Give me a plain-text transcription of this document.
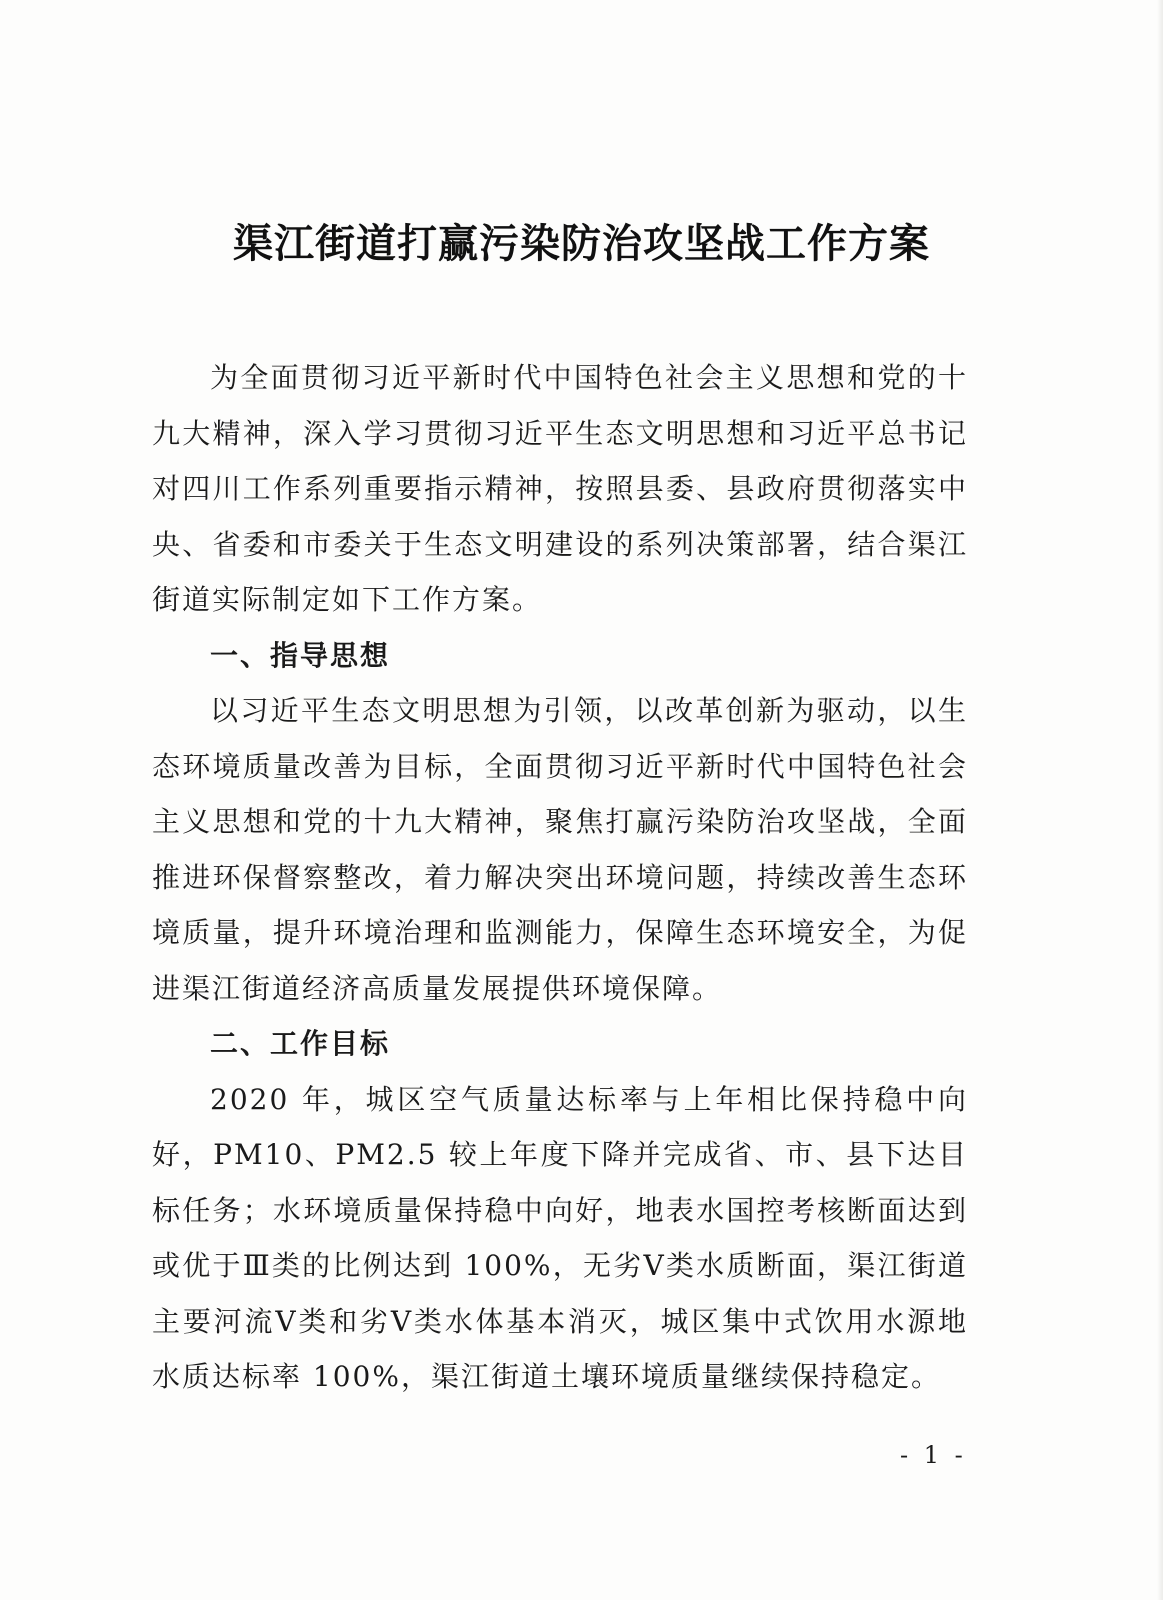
渠江街道打赢污染防治攻坚战工作方案

为全面贯彻习近平新时代中国特色社会主义思想和党的十九大精神，深入学习贯彻习近平生态文明思想和习近平总书记对四川工作系列重要指示精神，按照县委、县政府贯彻落实中央、省委和市委关于生态文明建设的系列决策部署，结合渠江街道实际制定如下工作方案。

一、指导思想

以习近平生态文明思想为引领，以改革创新为驱动，以生态环境质量改善为目标，全面贯彻习近平新时代中国特色社会主义思想和党的十九大精神，聚焦打赢污染防治攻坚战，全面推进环保督察整改，着力解决突出环境问题，持续改善生态环境质量，提升环境治理和监测能力，保障生态环境安全，为促进渠江街道经济高质量发展提供环境保障。

二、工作目标

2020 年，城区空气质量达标率与上年相比保持稳中向好，PM10、PM2.5 较上年度下降并完成省、市、县下达目标任务；水环境质量保持稳中向好，地表水国控考核断面达到或优于Ⅲ类的比例达到 100%，无劣Ⅴ类水质断面，渠江街道主要河流Ⅴ类和劣Ⅴ类水体基本消灭，城区集中式饮用水源地水质达标率 100%，渠江街道土壤环境质量继续保持稳定。

- 1 -
